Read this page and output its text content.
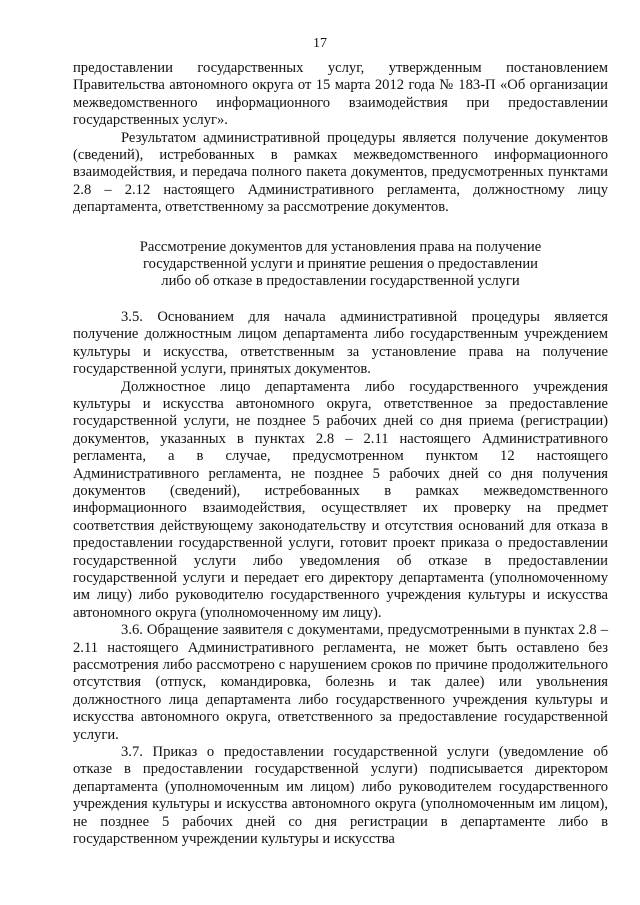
17

предоставлении государственных услуг, утвержденным постановлением Правительства автономного округа от 15 марта 2012 года № 183-П «Об организации межведомственного информационного взаимодействия при предоставлении государственных услуг».

Результатом административной процедуры является получение документов (сведений), истребованных в рамках межведомственного информационного взаимодействия, и передача полного пакета документов, предусмотренных пунктами 2.8 – 2.12 настоящего Административного регламента, должностному лицу департамента, ответственному за рассмотрение документов.

Рассмотрение документов для установления права на получение
государственной услуги и принятие решения о предоставлении
либо об отказе в предоставлении государственной услуги

3.5. Основанием для начала административной процедуры является получение должностным лицом департамента либо государственным учреждением культуры и искусства, ответственным за установление права на получение государственной услуги, принятых документов.

Должностное лицо департамента либо государственного учреждения культуры и искусства автономного округа, ответственное за предоставление государственной услуги, не позднее 5 рабочих дней со дня приема (регистрации) документов, указанных в пунктах 2.8 – 2.11 настоящего Административного регламента, а в случае, предусмотренном пунктом 12 настоящего Административного регламента, не позднее 5 рабочих дней со дня получения документов (сведений), истребованных в рамках межведомственного информационного взаимодействия, осуществляет их проверку на предмет соответствия действующему законодательству и отсутствия оснований для отказа в предоставлении государственной услуги, готовит проект приказа о предоставлении государственной услуги либо уведомления об отказе в предоставлении государственной услуги и передает его директору департамента (уполномоченному им лицу) либо руководителю государственного учреждения культуры и искусства автономного округа (уполномоченному им лицу).

3.6. Обращение заявителя с документами, предусмотренными в пунктах 2.8 – 2.11 настоящего Административного регламента, не может быть оставлено без рассмотрения либо рассмотрено с нарушением сроков по причине продолжительного отсутствия (отпуск, командировка, болезнь и так далее) или увольнения должностного лица департамента либо государственного учреждения культуры и искусства автономного округа, ответственного за предоставление государственной услуги.

3.7. Приказ о предоставлении государственной услуги (уведомление об отказе в предоставлении государственной услуги) подписывается директором департамента (уполномоченным им лицом) либо руководителем государственного учреждения культуры и искусства автономного округа (уполномоченным им лицом), не позднее 5 рабочих дней со дня регистрации в департаменте либо в государственном учреждении культуры и искусства
